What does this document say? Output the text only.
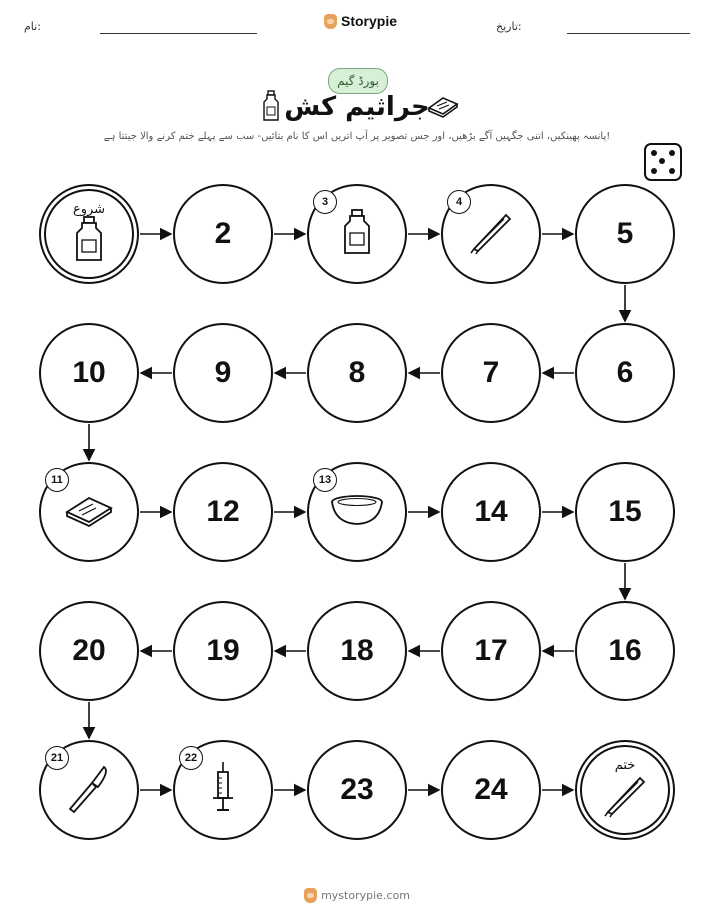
نام:	Storypie	تاریخ:
بورڈ گیم
جراثیم کش
پانسہ پھینکیں، اتنی جگہیں آگے بڑھیں، اور جس تصویر پر آپ اتریں اس کا نام بتائیں- سب سے پہلے ختم کرنے والا جیتتا ہے!
شروع
2
3	4
5
6
7
8
9
10
11
12
13
14	15
16
17
18
19
20
21	22
23	24
ختم
mystorypie.com
